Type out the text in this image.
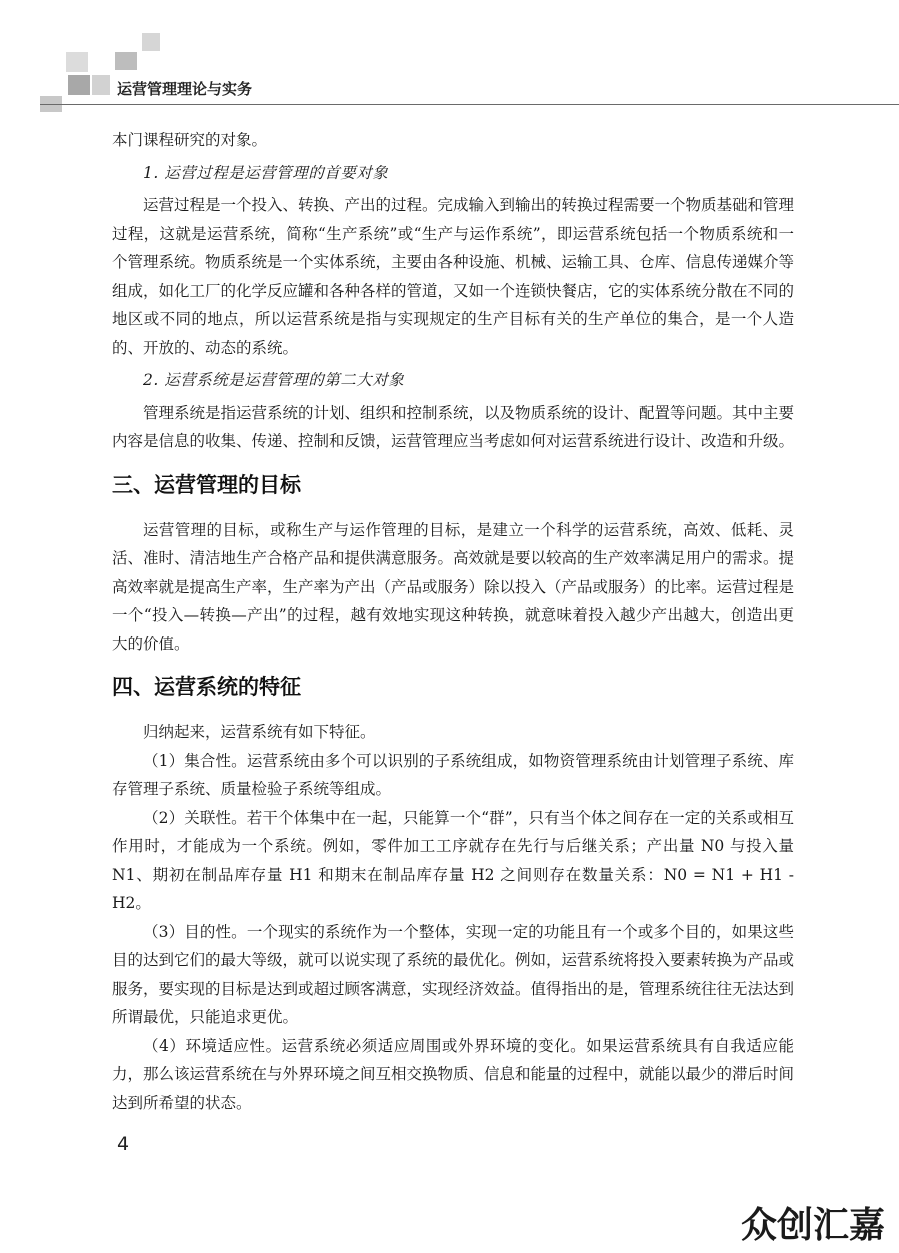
运营管理理论与实务

本门课程研究的对象。

1. 运营过程是运营管理的首要对象

运营过程是一个投入、转换、产出的过程。完成输入到输出的转换过程需要一个物质基础和管理过程，这就是运营系统，简称“生产系统”或“生产与运作系统”，即运营系统包括一个物质系统和一个管理系统。物质系统是一个实体系统，主要由各种设施、机械、运输工具、仓库、信息传递媒介等组成，如化工厂的化学反应罐和各种各样的管道，又如一个连锁快餐店，它的实体系统分散在不同的地区或不同的地点，所以运营系统是指与实现规定的生产目标有关的生产单位的集合，是一个人造的、开放的、动态的系统。

2. 运营系统是运营管理的第二大对象

管理系统是指运营系统的计划、组织和控制系统，以及物质系统的设计、配置等问题。其中主要内容是信息的收集、传递、控制和反馈，运营管理应当考虑如何对运营系统进行设计、改造和升级。

三、运营管理的目标

运营管理的目标，或称生产与运作管理的目标，是建立一个科学的运营系统，高效、低耗、灵活、准时、清洁地生产合格产品和提供满意服务。高效就是要以较高的生产效率满足用户的需求。提高效率就是提高生产率，生产率为产出（产品或服务）除以投入（产品或服务）的比率。运营过程是一个“投入—转换—产出”的过程，越有效地实现这种转换，就意味着投入越少产出越大，创造出更大的价值。

四、运营系统的特征

归纳起来，运营系统有如下特征。

（1）集合性。运营系统由多个可以识别的子系统组成，如物资管理系统由计划管理子系统、库存管理子系统、质量检验子系统等组成。

（2）关联性。若干个体集中在一起，只能算一个“群”，只有当个体之间存在一定的关系或相互作用时，才能成为一个系统。例如，零件加工工序就存在先行与后继关系；产出量 N0 与投入量 N1、期初在制品库存量 H1 和期末在制品库存量 H2 之间则存在数量关系：N0 = N1 + H1 - H2。

（3）目的性。一个现实的系统作为一个整体，实现一定的功能且有一个或多个目的，如果这些目的达到它们的最大等级，就可以说实现了系统的最优化。例如，运营系统将投入要素转换为产品或服务，要实现的目标是达到或超过顾客满意，实现经济效益。值得指出的是，管理系统往往无法达到所谓最优，只能追求更优。

（4）环境适应性。运营系统必须适应周围或外界环境的变化。如果运营系统具有自我适应能力，那么该运营系统在与外界环境之间互相交换物质、信息和能量的过程中，就能以最少的滞后时间达到所希望的状态。

4
众创汇嘉
